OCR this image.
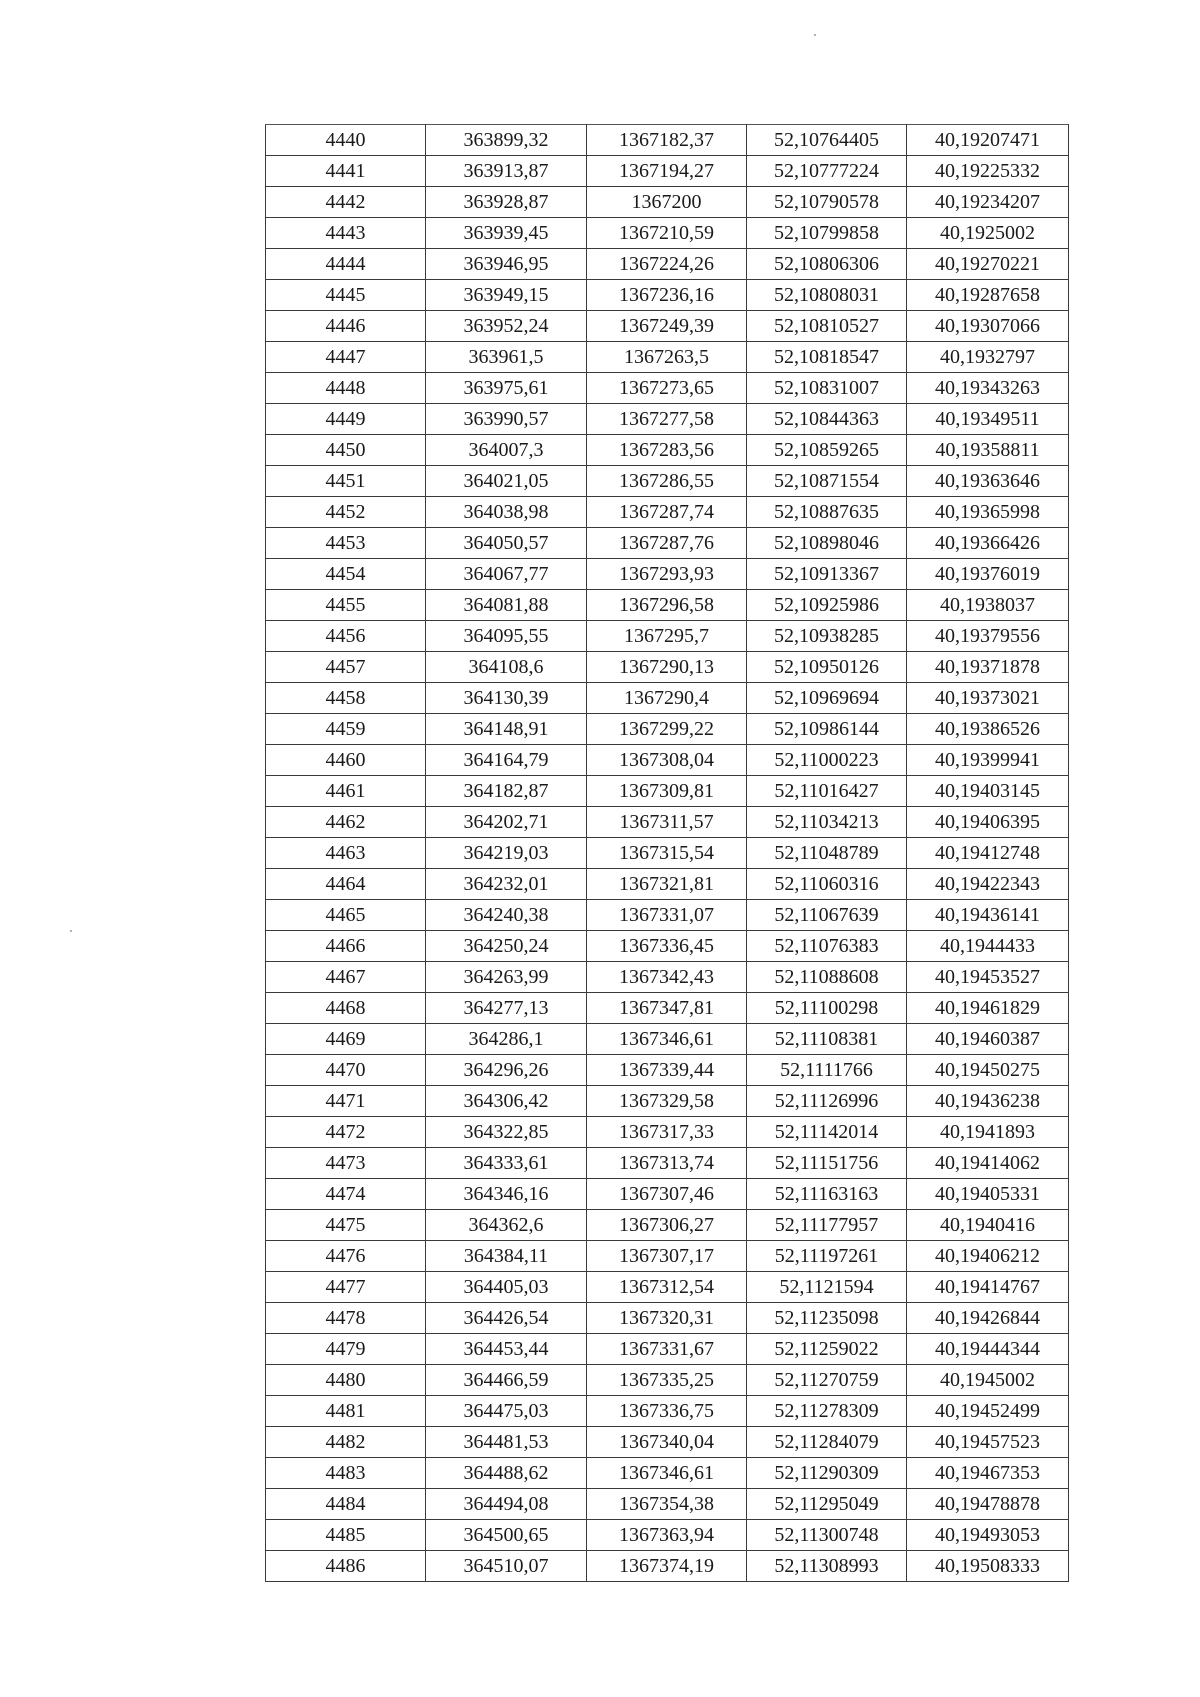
4440	363899,32	1367182,37	52,10764405	40,19207471
4441	363913,87	1367194,27	52,10777224	40,19225332
4442	363928,87	1367200	52,10790578	40,19234207
4443	363939,45	1367210,59	52,10799858	40,1925002
4444	363946,95	1367224,26	52,10806306	40,19270221
4445	363949,15	1367236,16	52,10808031	40,19287658
4446	363952,24	1367249,39	52,10810527	40,19307066
4447	363961,5	1367263,5	52,10818547	40,1932797
4448	363975,61	1367273,65	52,10831007	40,19343263
4449	363990,57	1367277,58	52,10844363	40,19349511
4450	364007,3	1367283,56	52,10859265	40,19358811
4451	364021,05	1367286,55	52,10871554	40,19363646
4452	364038,98	1367287,74	52,10887635	40,19365998
4453	364050,57	1367287,76	52,10898046	40,19366426
4454	364067,77	1367293,93	52,10913367	40,19376019
4455	364081,88	1367296,58	52,10925986	40,1938037
4456	364095,55	1367295,7	52,10938285	40,19379556
4457	364108,6	1367290,13	52,10950126	40,19371878
4458	364130,39	1367290,4	52,10969694	40,19373021
4459	364148,91	1367299,22	52,10986144	40,19386526
4460	364164,79	1367308,04	52,11000223	40,19399941
4461	364182,87	1367309,81	52,11016427	40,19403145
4462	364202,71	1367311,57	52,11034213	40,19406395
4463	364219,03	1367315,54	52,11048789	40,19412748
4464	364232,01	1367321,81	52,11060316	40,19422343
4465	364240,38	1367331,07	52,11067639	40,19436141
4466	364250,24	1367336,45	52,11076383	40,1944433
4467	364263,99	1367342,43	52,11088608	40,19453527
4468	364277,13	1367347,81	52,11100298	40,19461829
4469	364286,1	1367346,61	52,11108381	40,19460387
4470	364296,26	1367339,44	52,1111766	40,19450275
4471	364306,42	1367329,58	52,11126996	40,19436238
4472	364322,85	1367317,33	52,11142014	40,1941893
4473	364333,61	1367313,74	52,11151756	40,19414062
4474	364346,16	1367307,46	52,11163163	40,19405331
4475	364362,6	1367306,27	52,11177957	40,1940416
4476	364384,11	1367307,17	52,11197261	40,19406212
4477	364405,03	1367312,54	52,1121594	40,19414767
4478	364426,54	1367320,31	52,11235098	40,19426844
4479	364453,44	1367331,67	52,11259022	40,19444344
4480	364466,59	1367335,25	52,11270759	40,1945002
4481	364475,03	1367336,75	52,11278309	40,19452499
4482	364481,53	1367340,04	52,11284079	40,19457523
4483	364488,62	1367346,61	52,11290309	40,19467353
4484	364494,08	1367354,38	52,11295049	40,19478878
4485	364500,65	1367363,94	52,11300748	40,19493053
4486	364510,07	1367374,19	52,11308993	40,19508333
